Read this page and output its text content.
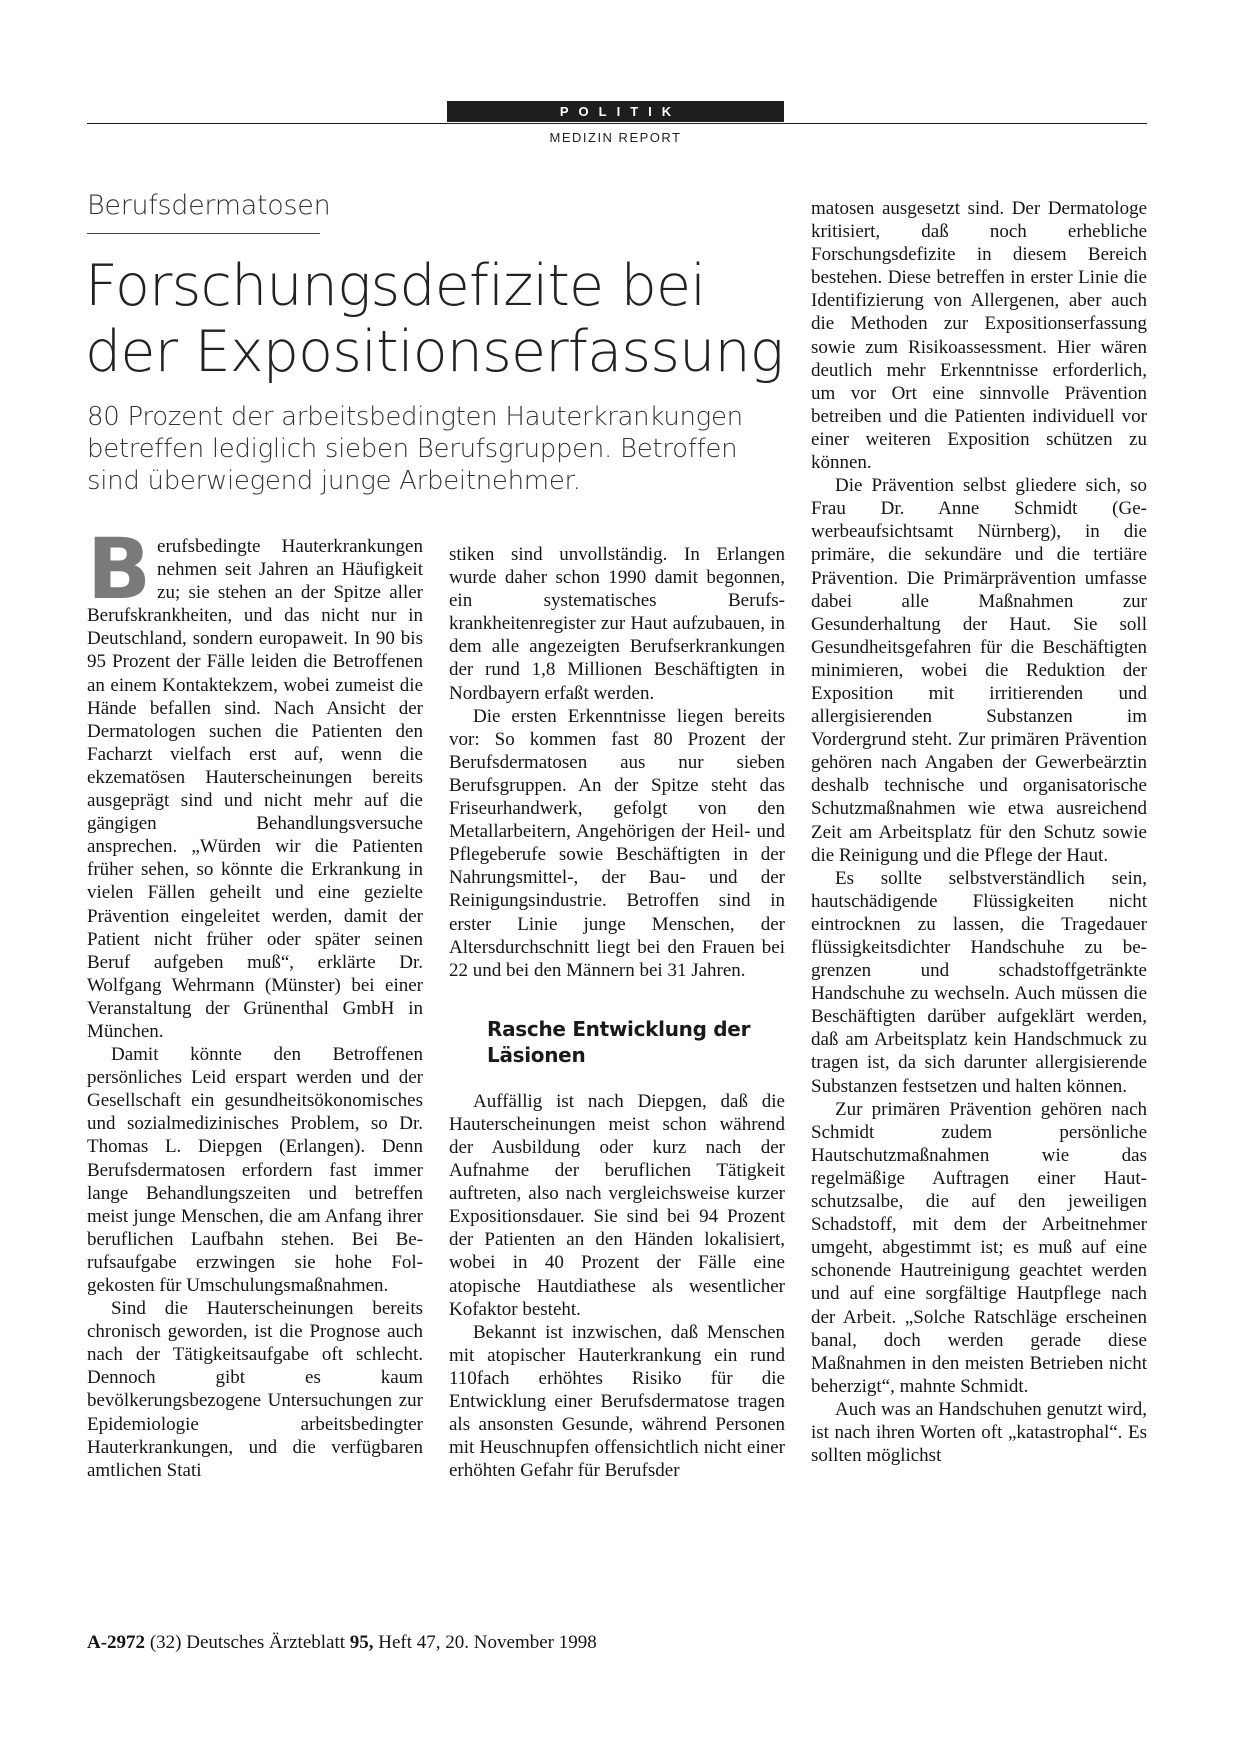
POLITIK
MEDIZIN REPORT
Berufsdermatosen
Forschungsdefizite bei der Expositionserfassung

80 Prozent der arbeitsbedingten Hauterkrankungen betreffen lediglich sieben Berufsgruppen. Betroffen sind überwiegend junge Arbeitnehmer.

B erufsbedingte Hauterkrankungen nehmen seit Jahren an Häufigkeit zu; sie stehen an der Spitze aller Berufskrankheiten, und das nicht nur in Deutschland, sondern europaweit. In 90 bis 95 Prozent der Fälle leiden die Betroffenen an einem Kontaktekzem, wobei zumeist die Hände befallen sind. Nach Ansicht der Dermatologen suchen die Patienten den Facharzt vielfach erst auf, wenn die ekzematösen Hauterscheinungen bereits ausgeprägt sind und nicht mehr auf die gängigen Behandlungsversuche ansprechen. „Würden wir die Patienten früher sehen, so könnte die Erkrankung in vielen Fällen geheilt und eine gezielte Prävention eingeleitet werden, damit der Patient nicht früher oder später seinen Beruf aufgeben muß“, erklärte Dr. Wolfgang Wehrmann (Münster) bei einer Veranstaltung der Grünenthal GmbH in München.

Damit könnte den Betroffenen persönliches Leid erspart werden und der Gesellschaft ein gesundheitsökonomisches und sozialmedizinisches Problem, so Dr. Thomas L. Diepgen (Erlangen). Denn Berufsdermatosen erfordern fast immer lange Behandlungszeiten und betreffen meist junge Menschen, die am Anfang ihrer beruflichen Laufbahn stehen. Bei Berufsaufgabe erzwingen sie hohe Folgekosten für Umschulungsmaßnahmen.

Sind die Hauterscheinungen bereits chronisch geworden, ist die Prognose auch nach der Tätigkeitsaufgabe oft schlecht. Dennoch gibt es kaum bevölkerungsbezogene Untersuchungen zur Epidemiologie arbeitsbedingter Hauterkrankungen, und die verfügbaren amtlichen Stati

stiken sind unvollständig. In Erlangen wurde daher schon 1990 damit begonnen, ein systematisches Berufskrankheitenregister zur Haut aufzubauen, in dem alle angezeigten Berufserkrankungen der rund 1,8 Millionen Beschäftigten in Nordbayern erfaßt werden.

Die ersten Erkenntnisse liegen bereits vor: So kommen fast 80 Prozent der Berufsdermatosen aus nur sieben Berufsgruppen. An der Spitze steht das Friseurhandwerk, gefolgt von den Metallarbeitern, Angehörigen der Heil- und Pflegeberufe sowie Beschäftigten in der Nahrungsmittel-, der Bau- und der Reinigungsindustrie. Betroffen sind in erster Linie junge Menschen, der Altersdurchschnitt liegt bei den Frauen bei 22 und bei den Männern bei 31 Jahren.

Rasche Entwicklung der Läsionen

Auffällig ist nach Diepgen, daß die Hauterscheinungen meist schon während der Ausbildung oder kurz nach der Aufnahme der beruflichen Tätigkeit auftreten, also nach vergleichsweise kurzer Expositionsdauer. Sie sind bei 94 Prozent der Patienten an den Händen lokalisiert, wobei in 40 Prozent der Fälle eine atopische Hautdiathese als wesentlicher Kofaktor besteht.

Bekannt ist inzwischen, daß Menschen mit atopischer Hauterkrankung ein rund 110fach erhöhtes Risiko für die Entwicklung einer Berufsdermatose tragen als ansonsten Gesunde, während Personen mit Heuschnupfen offensichtlich nicht einer erhöhten Gefahr für Berufsder

matosen ausgesetzt sind. Der Dermatologe kritisiert, daß noch erhebliche Forschungsdefizite in diesem Bereich bestehen. Diese betreffen in erster Linie die Identifizierung von Allergenen, aber auch die Methoden zur Expositionserfassung sowie zum Risikoassessment. Hier wären deutlich mehr Erkenntnisse erforderlich, um vor Ort eine sinnvolle Prävention betreiben und die Patienten individuell vor einer weiteren Exposition schützen zu können.

Die Prävention selbst gliedere sich, so Frau Dr. Anne Schmidt (Gewerbeaufsichtsamt Nürnberg), in die primäre, die sekundäre und die tertiäre Prävention. Die Primärprävention umfasse dabei alle Maßnahmen zur Gesunderhaltung der Haut. Sie soll Gesundheitsgefahren für die Beschäftigten minimieren, wobei die Reduktion der Exposition mit irritierenden und allergisierenden Substanzen im Vordergrund steht. Zur primären Prävention gehören nach Angaben der Gewerbeärztin deshalb technische und organisatorische Schutzmaßnahmen wie etwa ausreichend Zeit am Arbeitsplatz für den Schutz sowie die Reinigung und die Pflege der Haut.

Es sollte selbstverständlich sein, hautschädigende Flüssigkeiten nicht eintrocknen zu lassen, die Tragedauer flüssigkeitsdichter Handschuhe zu begrenzen und schadstoffgetränkte Handschuhe zu wechseln. Auch müssen die Beschäftigten darüber aufgeklärt werden, daß am Arbeitsplatz kein Handschmuck zu tragen ist, da sich darunter allergisierende Substanzen festsetzen und halten können.

Zur primären Prävention gehören nach Schmidt zudem persönliche Hautschutzmaßnahmen wie das regelmäßige Auftragen einer Hautschutzsalbe, die auf den jeweiligen Schadstoff, mit dem der Arbeitnehmer umgeht, abgestimmt ist; es muß auf eine schonende Hautreinigung geachtet werden und auf eine sorgfältige Hautpflege nach der Arbeit. „Solche Ratschläge erscheinen banal, doch werden gerade diese Maßnahmen in den meisten Betrieben nicht beherzigt“, mahnte Schmidt.

Auch was an Handschuhen genutzt wird, ist nach ihren Worten oft „katastrophal“. Es sollten möglichst

A-2972 (32) Deutsches Ärzteblatt 95, Heft 47, 20. November 1998
